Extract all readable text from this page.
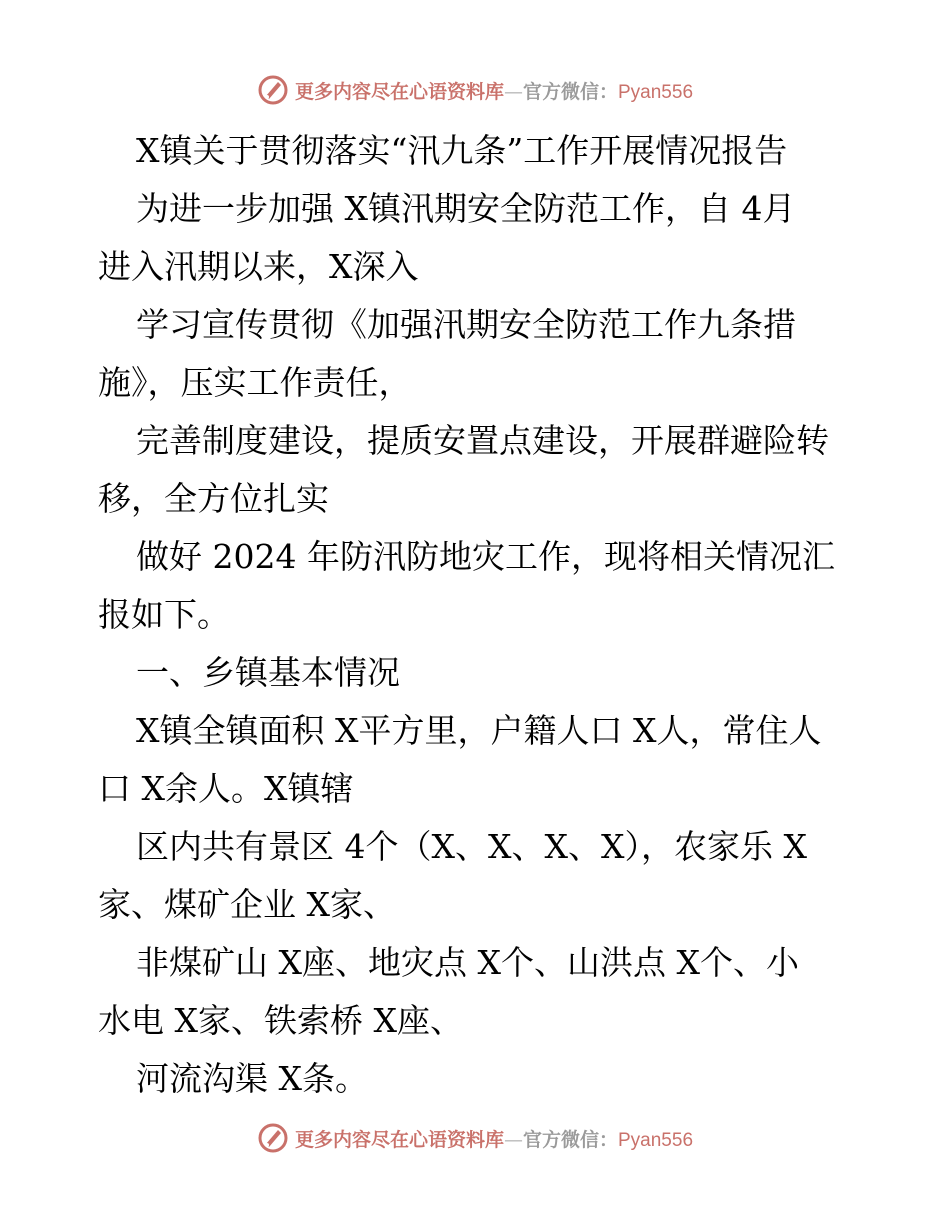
更多内容尽在心语资料库—官方微信：Pyan556
X镇关于贯彻落实“汛九条”工作开展情况报告
为进一步加强 X镇汛期安全防范工作，自 4月
进入汛期以来，X深入
学习宣传贯彻《加强汛期安全防范工作九条措
施》，压实工作责任，
完善制度建设，提质安置点建设，开展群避险转
移，全方位扎实
做好 2024 年防汛防地灾工作，现将相关情况汇
报如下。
一、乡镇基本情况
X镇全镇面积 X平方里，户籍人口 X人，常住人
口 X余人。X镇辖
区内共有景区 4个（X、X、X、X），农家乐 X
家、煤矿企业 X家、
非煤矿山 X座、地灾点 X个、山洪点 X个、小
水电 X家、铁索桥 X座、
河流沟渠 X条。
更多内容尽在心语资料库—官方微信：Pyan556
